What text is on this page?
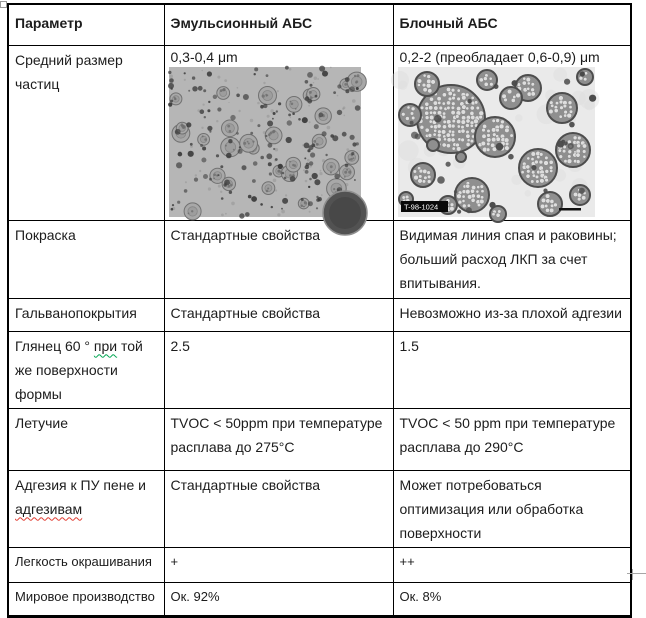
Параметр	Эмульсионный АБС	Блочный АБС
Средний размер частиц	0,3-0,4 μm	0,2-2 (преобладает 0,6-0,9) μm
T-98-1024

Покраска	Стандартные свойства	Видимая линия спая и раковины; больший расход ЛКП за счет впитывания.
Гальванопокрытия	Стандартные свойства	Невозможно из-за плохой адгезии
Глянец 60 ° при той же поверхности формы	2.5	1.5
Летучие	TVOC < 50ppm при температуре расплава до 275°С	TVOC < 50 ppm при температуре расплава до 290°С
Адгезия к ПУ пене и адгезивам	Стандартные свойства	Может потребоваться оптимизация или обработка поверхности
Легкость окрашивания	+	++
Мировое производство	Ок. 92%	Ок. 8%
